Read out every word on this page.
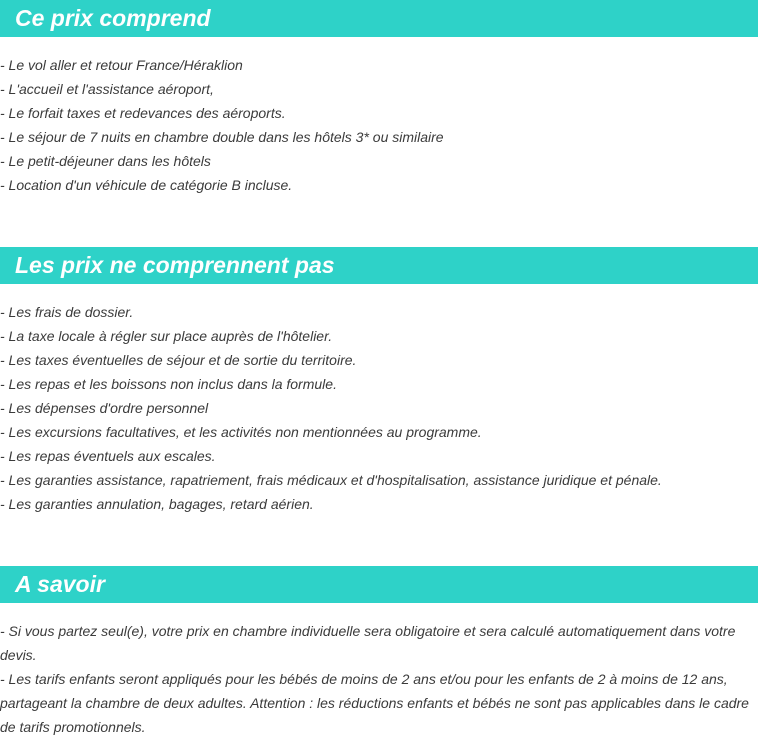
Ce prix comprend
- Le vol aller et retour France/Héraklion
- L'accueil et l'assistance aéroport,
- Le forfait taxes et redevances des aéroports.
- Le séjour de 7 nuits en chambre double dans les hôtels 3* ou similaire
- Le petit-déjeuner dans les hôtels
- Location d'un véhicule de catégorie B incluse.
Les prix ne comprennent pas
- Les frais de dossier.
- La taxe locale à régler sur place auprès de l'hôtelier.
- Les taxes éventuelles de séjour et de sortie du territoire.
- Les repas et les boissons non inclus dans la formule.
- Les dépenses d'ordre personnel
- Les excursions facultatives, et les activités non mentionnées au programme.
- Les repas éventuels aux escales.
- Les garanties assistance, rapatriement, frais médicaux et d'hospitalisation, assistance juridique et pénale.
- Les garanties annulation, bagages, retard aérien.
A savoir
- Si vous partez seul(e), votre prix en chambre individuelle sera obligatoire et sera calculé automatiquement dans votre devis.
- Les tarifs enfants seront appliqués pour les bébés de moins de 2 ans et/ou pour les enfants de 2 à moins de 12 ans, partageant la chambre de deux adultes. Attention : les réductions enfants et bébés ne sont pas applicables dans le cadre de tarifs promotionnels.
